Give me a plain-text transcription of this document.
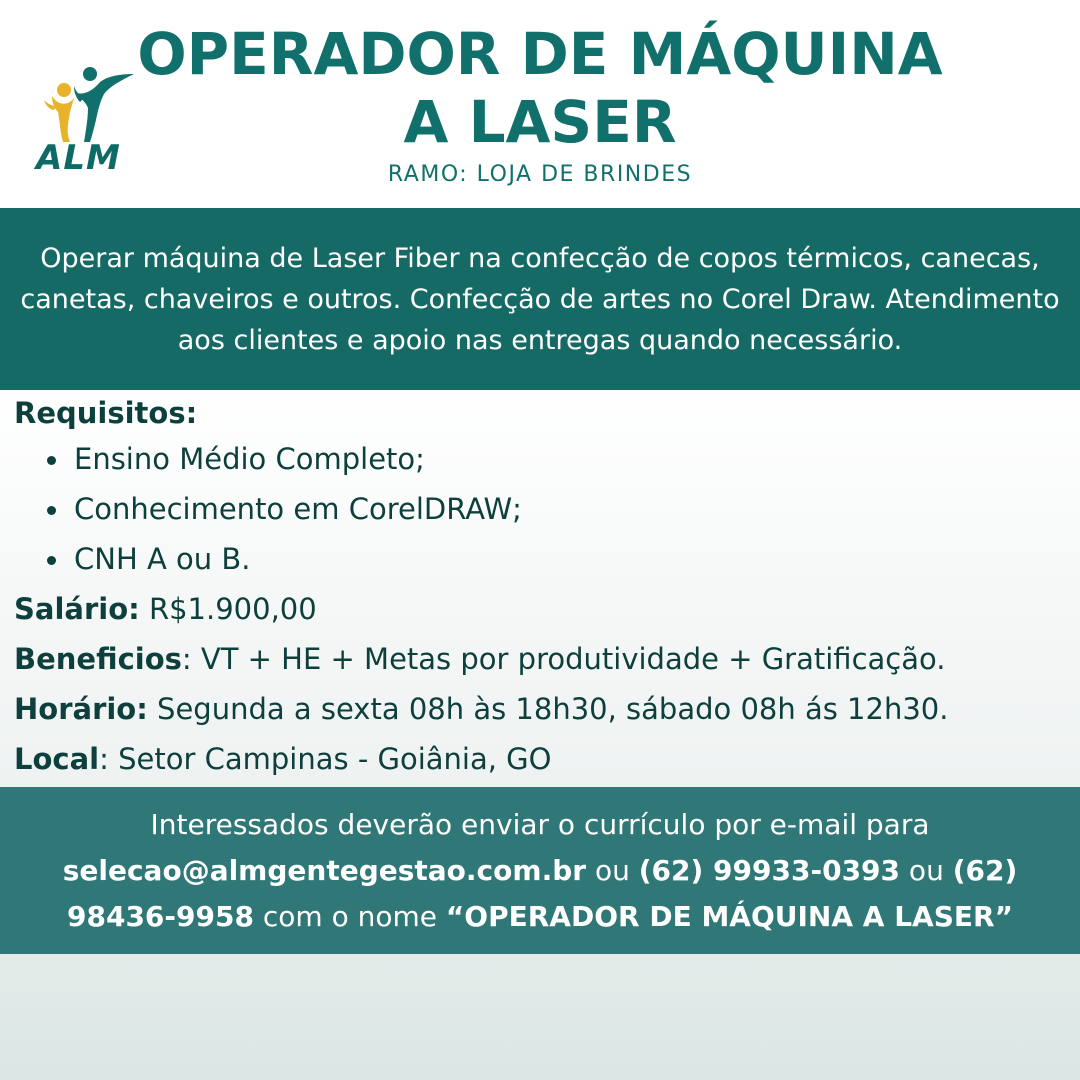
ALM
OPERADOR DE MÁQUINA
A LASER
RAMO: LOJA DE BRINDES

Operar máquina de Laser Fiber na confecção de copos térmicos, canecas, canetas, chaveiros e outros. Confecção de artes no Corel Draw. Atendimento aos clientes e apoio nas entregas quando necessário.

Requisitos:
Ensino Médio Completo;
Conhecimento em CorelDRAW;
CNH A ou B.
Salário: R$1.900,00
Beneficios: VT + HE + Metas por produtividade + Gratificação.
Horário: Segunda a sexta 08h às 18h30, sábado 08h ás 12h30.
Local: Setor Campinas - Goiânia, GO

Interessados deverão enviar o currículo por e-mail para
selecao@almgentegestao.com.br ou (62) 99933-0393 ou (62) 98436-9958 com o nome “OPERADOR DE MÁQUINA A LASER”
